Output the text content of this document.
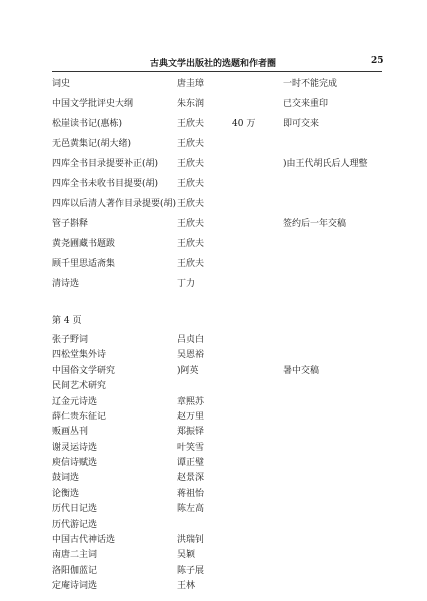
古典文学出版社的选题和作者圈	25
词史	唐圭璋	一时不能完成
中国文学批评史大纲	朱东润	已交来重印
松崖读书记(惠栋)	王欣夫	40 万	即可交来
无邑黄集记(胡大绪)	王欣夫
四库全书目录提要补正(胡) 王欣夫	)由王代胡氏后人理整
四库全书未收书目提要(胡) 王欣夫
四库以后清人著作目录提要(胡) 王欣夫
管子斟释	王欣夫	签约后一年交稿
黄尧圃藏书题跋	王欣夫
顾千里思适斋集	王欣夫
清诗选	丁力
第 4 页
张子野词	吕贞白
四松堂集外诗	吴恩裕
中国俗文学研究	)阿英	暑中交稿
民间艺术研究
辽金元诗选	章熙苏
薛仁贵东征记	赵万里
贩画丛刊	郑振铎
谢灵运诗选	叶笑雪
庾信诗赋选	谭正璧
鼓词选	赵景深
论衡选	蒋祖怡
历代日记选	陈左高
历代游记选
中国古代神话选	洪瑞钊
南唐二主词	吴颖
洛阳伽蓝记	陈子展
定庵诗词选	王林
